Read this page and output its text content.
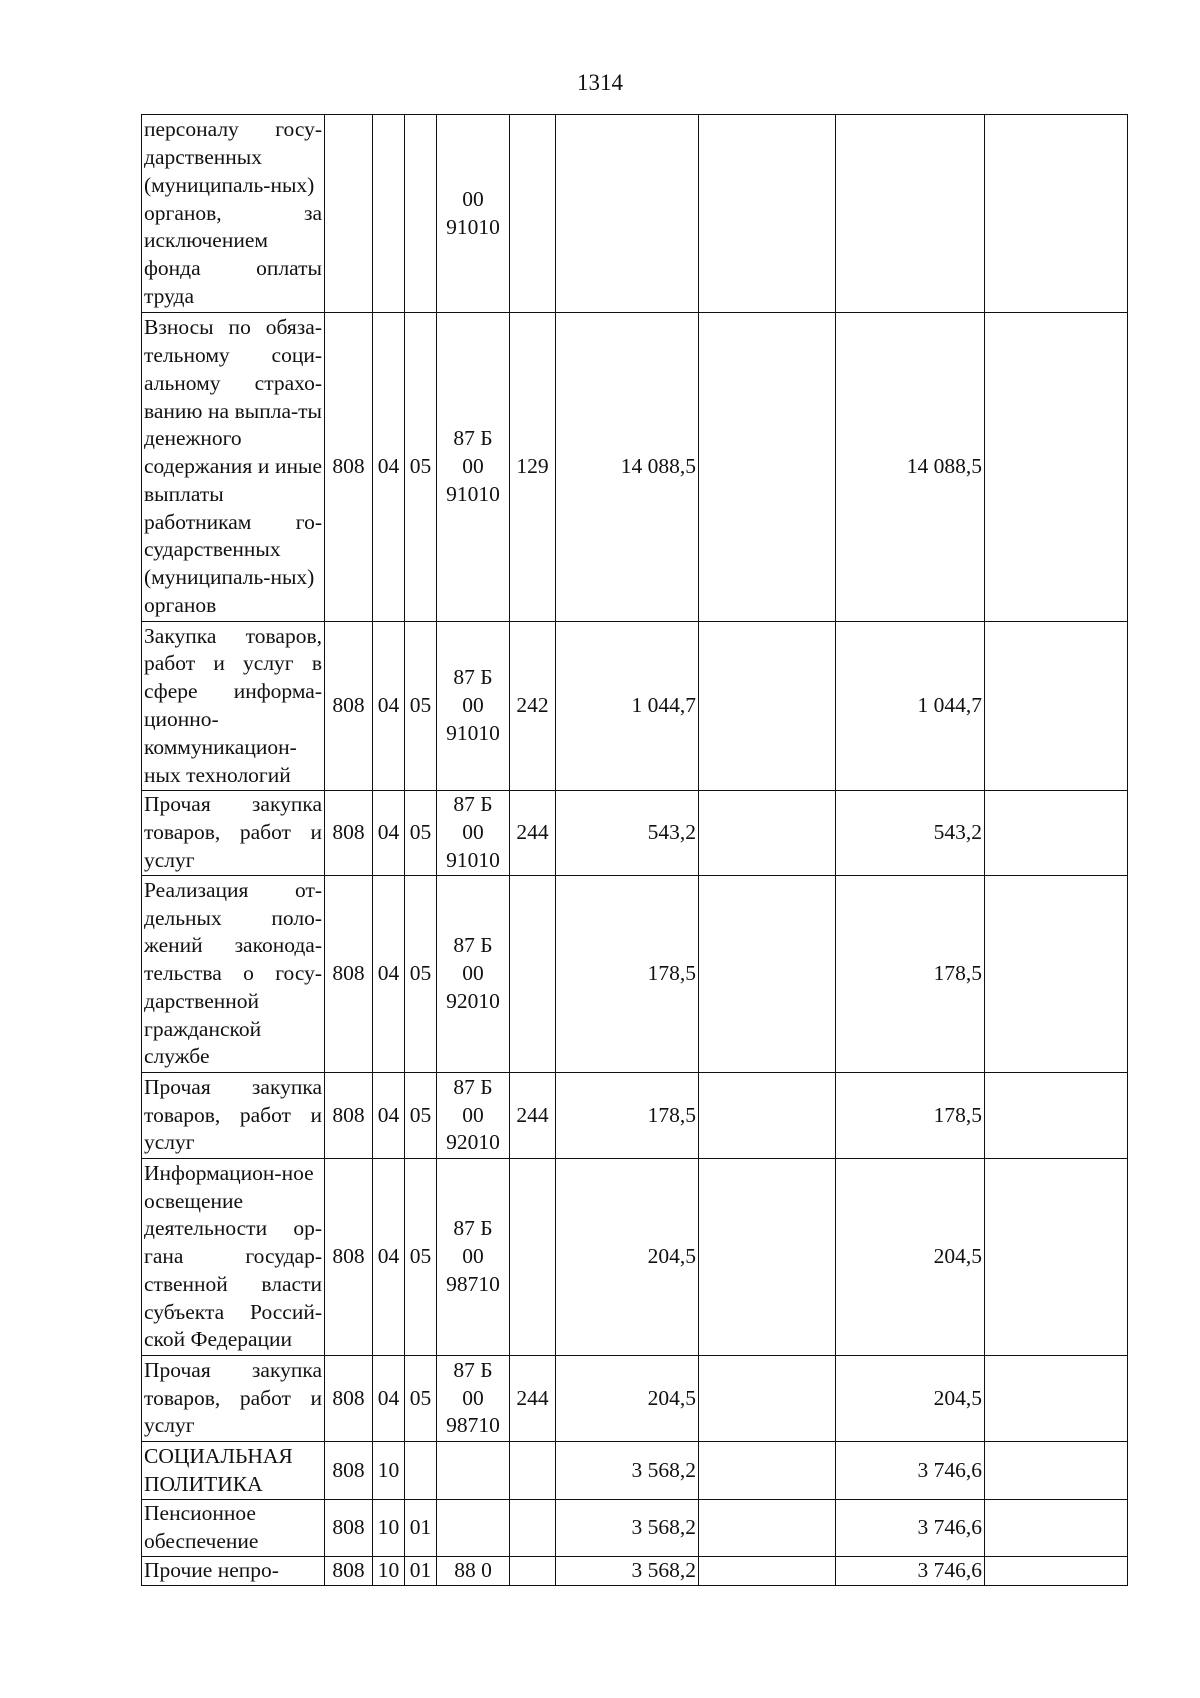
1314
персоналу госу-дарственных (муниципаль-ных) органов, за исключением фонда оплаты труда				00
91010					
Взносы по обяза-тельному соци-альному страхо-ванию на выпла-ты денежного содержания и иные выплаты работникам го-сударственных (муниципаль-ных) органов	808	04	05	87 Б
00
91010	129	14 088,5		14 088,5	
Закупка товаров, работ и услуг в сфере информа-ционно-коммуникацион-ных технологий	808	04	05	87 Б
00
91010	242	1 044,7		1 044,7	
Прочая закупка товаров, работ и услуг	808	04	05	87 Б
00
91010	244	543,2		543,2	
Реализация от-дельных поло-жений законода-тельства о госу-дарственной гражданской службе	808	04	05	87 Б
00
92010		178,5		178,5	
Прочая закупка товаров, работ и услуг	808	04	05	87 Б
00
92010	244	178,5		178,5	
Информацион-ное освещение деятельности ор-гана государ-ственной власти субъекта Россий-ской Федерации	808	04	05	87 Б
00
98710		204,5		204,5	
Прочая закупка товаров, работ и услуг	808	04	05	87 Б
00
98710	244	204,5		204,5	
СОЦИАЛЬНАЯ ПОЛИТИКА	808	10				3 568,2		3 746,6	
Пенсионное обеспечение	808	10	01			3 568,2		3 746,6	
Прочие непро-	808	10	01	88 0		3 568,2		3 746,6	
